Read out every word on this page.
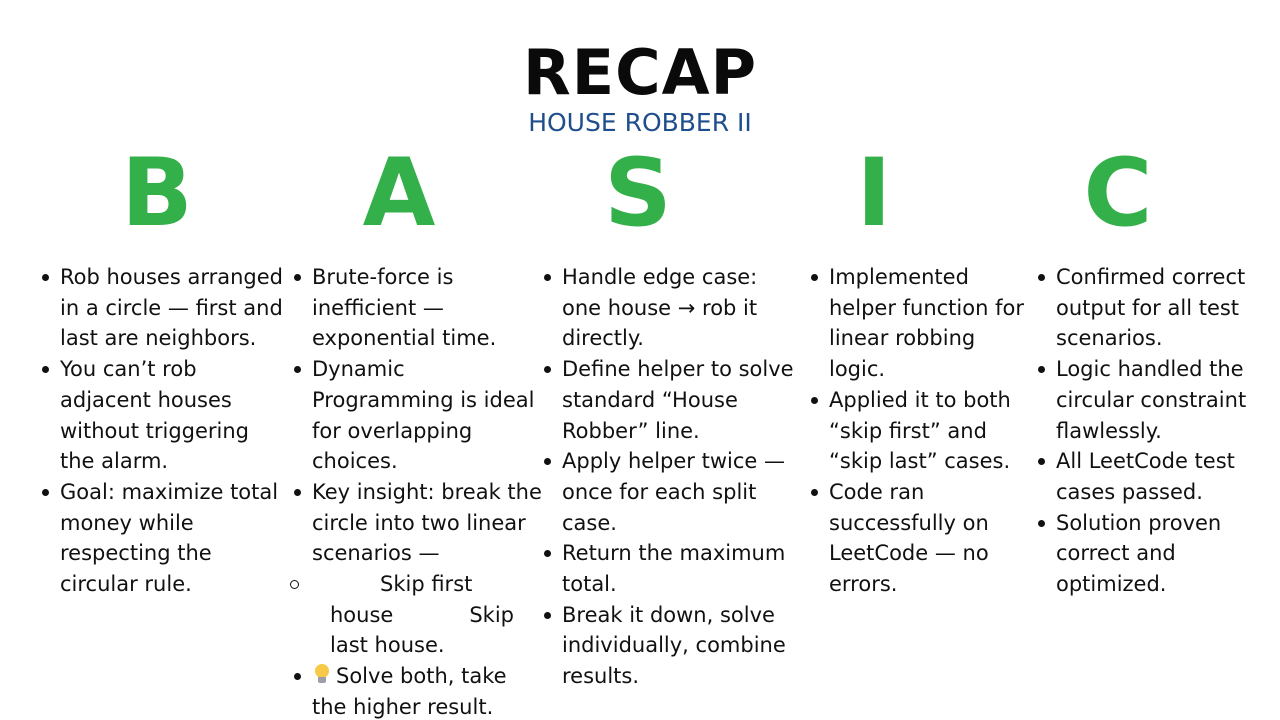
RECAP
HOUSE ROBBER II
B	A	S	I	C
Rob houses arranged in a circle — first and last are neighbors.
You can’t rob adjacent houses without triggering the alarm.
Goal: maximize total money while respecting the circular rule.
Brute-force is inefficient — exponential time.
Dynamic Programming is ideal for overlapping choices.
Key insight: break the circle into two linear scenarios —
Skip first
house	Skip
last house.
Solve both, take the higher result.
Handle edge case: one house → rob it directly.
Define helper to solve standard “House Robber” line.
Apply helper twice — once for each split case.
Return the maximum total.
Break it down, solve individually, combine results.
Implemented helper function for linear robbing logic.
Applied it to both “skip first” and “skip last” cases.
Code ran successfully on LeetCode — no errors.
Confirmed correct output for all test scenarios.
Logic handled the circular constraint flawlessly.
All LeetCode test cases passed.
Solution proven correct and optimized.
